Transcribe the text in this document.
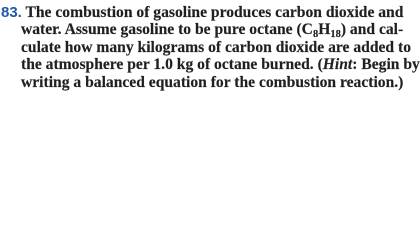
83. The combustion of gasoline produces carbon dioxide and
water. Assume gasoline to be pure octane $(C_8H_{18})$ and cal-
culate how many kilograms of carbon dioxide are added to
the atmosphere per 1.0 kg of octane burned. (Hint: Begin by
writing a balanced equation for the combustion reaction.)
